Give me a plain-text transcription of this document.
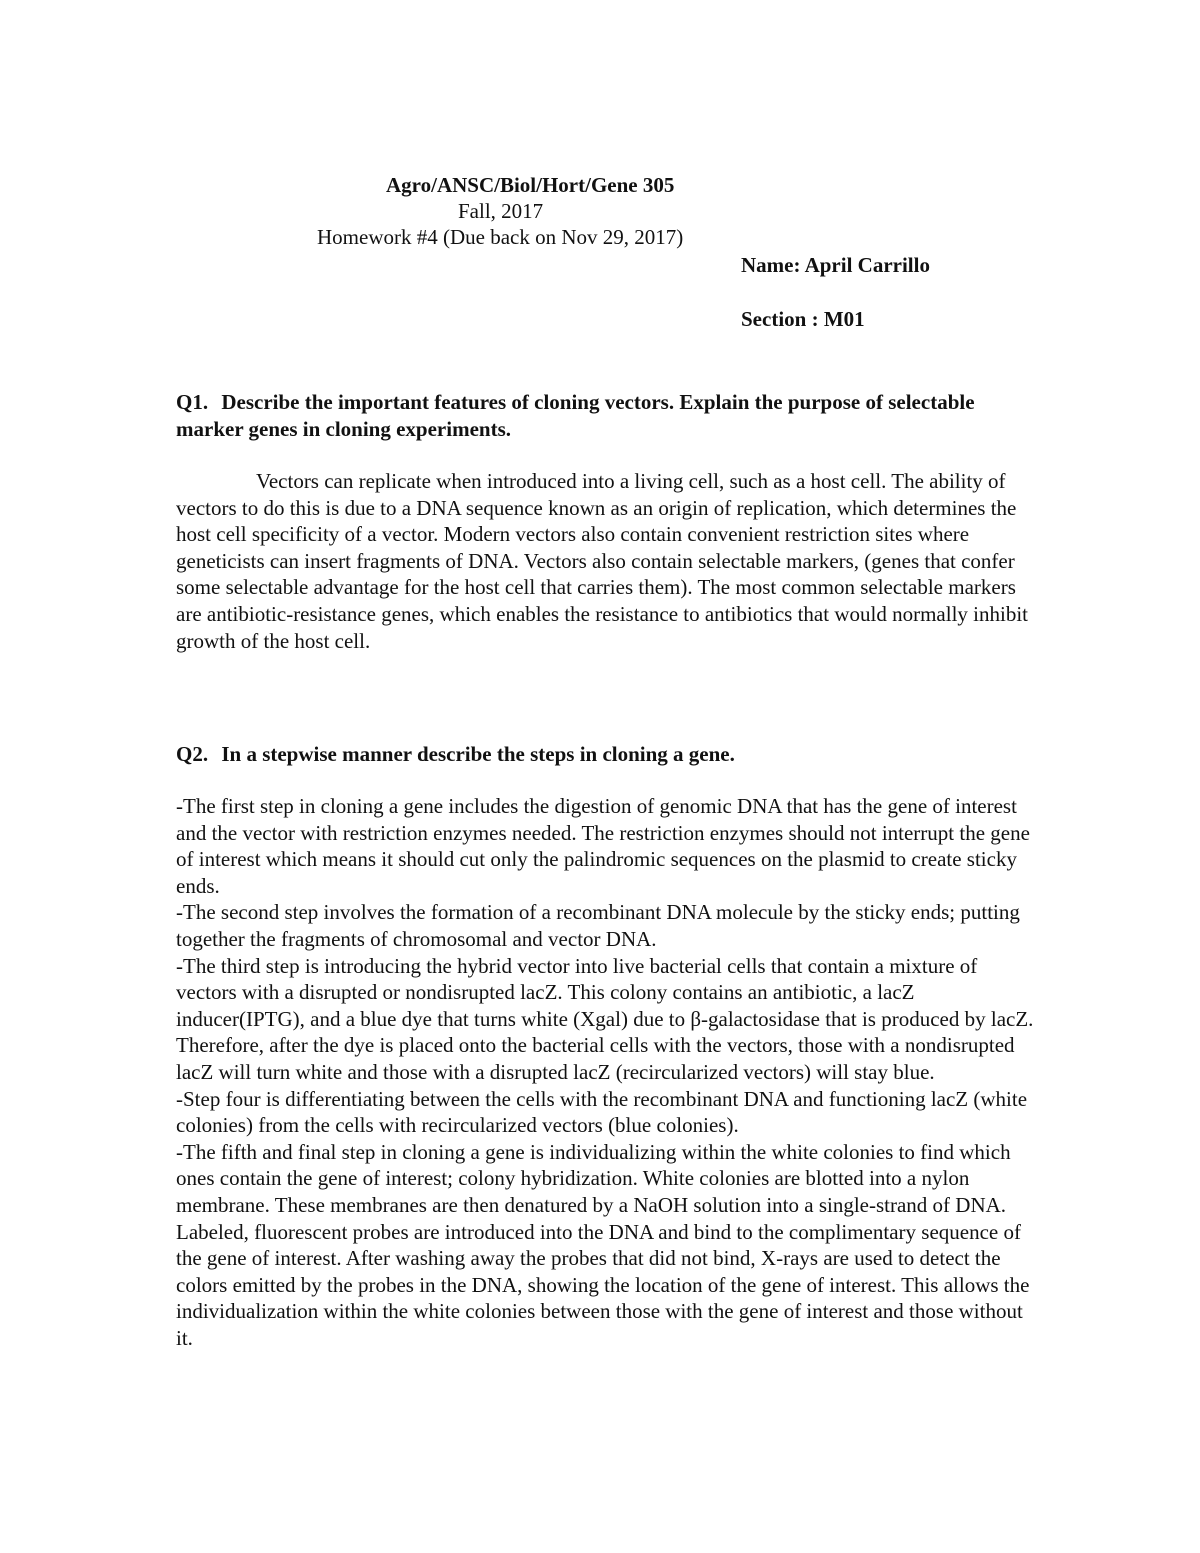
Agro/ANSC/Biol/Hort/Gene 305
Fall, 2017
Homework #4 (Due back on Nov 29, 2017)
Name: April Carrillo
Section : M01
Q1. Describe the important features of cloning vectors. Explain the purpose of selectable marker genes in cloning experiments.
Vectors can replicate when introduced into a living cell, such as a host cell. The ability of vectors to do this is due to a DNA sequence known as an origin of replication, which determines the host cell specificity of a vector. Modern vectors also contain convenient restriction sites where geneticists can insert fragments of DNA. Vectors also contain selectable markers, (genes that confer some selectable advantage for the host cell that carries them). The most common selectable markers are antibiotic-resistance genes, which enables the resistance to antibiotics that would normally inhibit growth of the host cell.
Q2. In a stepwise manner describe the steps in cloning a gene.

-The first step in cloning a gene includes the digestion of genomic DNA that has the gene of interest and the vector with restriction enzymes needed. The restriction enzymes should not interrupt the gene of interest which means it should cut only the palindromic sequences on the plasmid to create sticky ends.

-The second step involves the formation of a recombinant DNA molecule by the sticky ends; putting together the fragments of chromosomal and vector DNA.

-The third step is introducing the hybrid vector into live bacterial cells that contain a mixture of vectors with a disrupted or nondisrupted lacZ. This colony contains an antibiotic, a lacZ inducer(IPTG), and a blue dye that turns white (Xgal) due to β-galactosidase that is produced by lacZ. Therefore, after the dye is placed onto the bacterial cells with the vectors, those with a nondisrupted lacZ will turn white and those with a disrupted lacZ (recircularized vectors) will stay blue.

-Step four is differentiating between the cells with the recombinant DNA and functioning lacZ (white colonies) from the cells with recircularized vectors (blue colonies).

-The fifth and final step in cloning a gene is individualizing within the white colonies to find which ones contain the gene of interest; colony hybridization. White colonies are blotted into a nylon membrane. These membranes are then denatured by a NaOH solution into a single-strand of DNA. Labeled, fluorescent probes are introduced into the DNA and bind to the complimentary sequence of the gene of interest. After washing away the probes that did not bind, X-rays are used to detect the colors emitted by the probes in the DNA, showing the location of the gene of interest. This allows the individualization within the white colonies between those with the gene of interest and those without it.
